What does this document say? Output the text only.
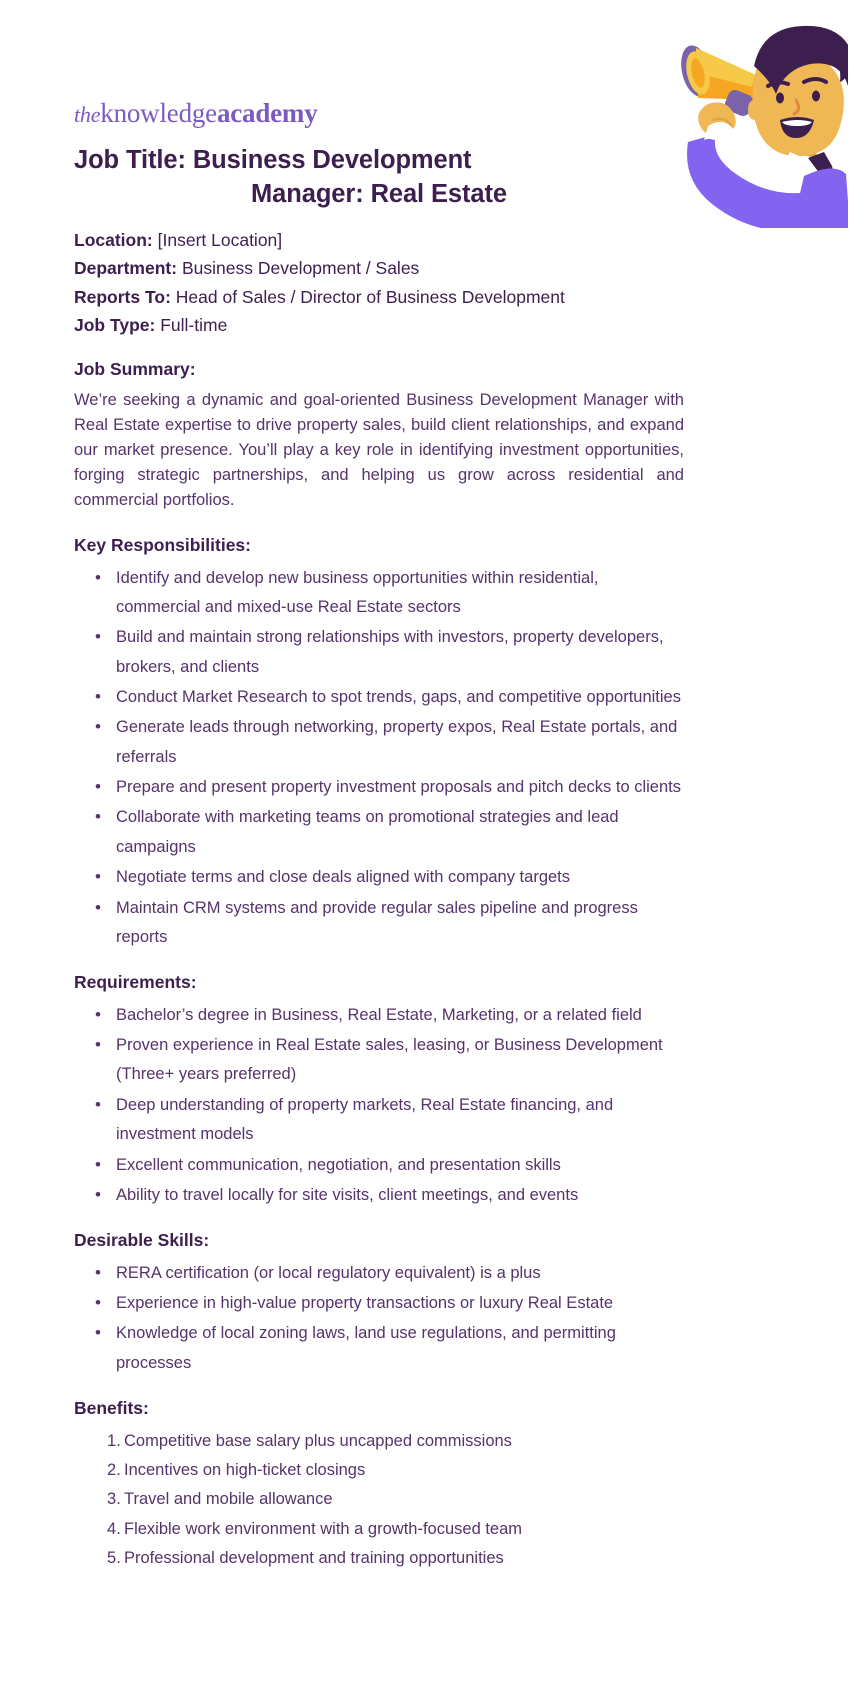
theknowledgeacademy
Job Title: Business Development
Manager: Real Estate
Location: [Insert Location]
Department: Business Development / Sales
Reports To: Head of Sales / Director of Business Development
Job Type: Full-time
Job Summary:

We’re seeking a dynamic and goal-oriented Business Development Manager with Real Estate expertise to drive property sales, build client relationships, and expand our market presence. You’ll play a key role in identifying investment opportunities, forging strategic partnerships, and helping us grow across residential and commercial portfolios.

Key Responsibilities:
• Identify and develop new business opportunities within residential, commercial and mixed-use Real Estate sectors
• Build and maintain strong relationships with investors, property developers, brokers, and clients
• Conduct Market Research to spot trends, gaps, and competitive opportunities
• Generate leads through networking, property expos, Real Estate portals, and referrals
• Prepare and present property investment proposals and pitch decks to clients
• Collaborate with marketing teams on promotional strategies and lead campaigns
• Negotiate terms and close deals aligned with company targets
• Maintain CRM systems and provide regular sales pipeline and progress reports
Requirements:
• Bachelor’s degree in Business, Real Estate, Marketing, or a related field
• Proven experience in Real Estate sales, leasing, or Business Development (Three+ years preferred)
• Deep understanding of property markets, Real Estate financing, and investment models
• Excellent communication, negotiation, and presentation skills
• Ability to travel locally for site visits, client meetings, and events
Desirable Skills:
• RERA certification (or local regulatory equivalent) is a plus
• Experience in high-value property transactions or luxury Real Estate
• Knowledge of local zoning laws, land use regulations, and permitting processes
Benefits:
Competitive base salary plus uncapped commissions
Incentives on high-ticket closings
Travel and mobile allowance
Flexible work environment with a growth-focused team
Professional development and training opportunities
